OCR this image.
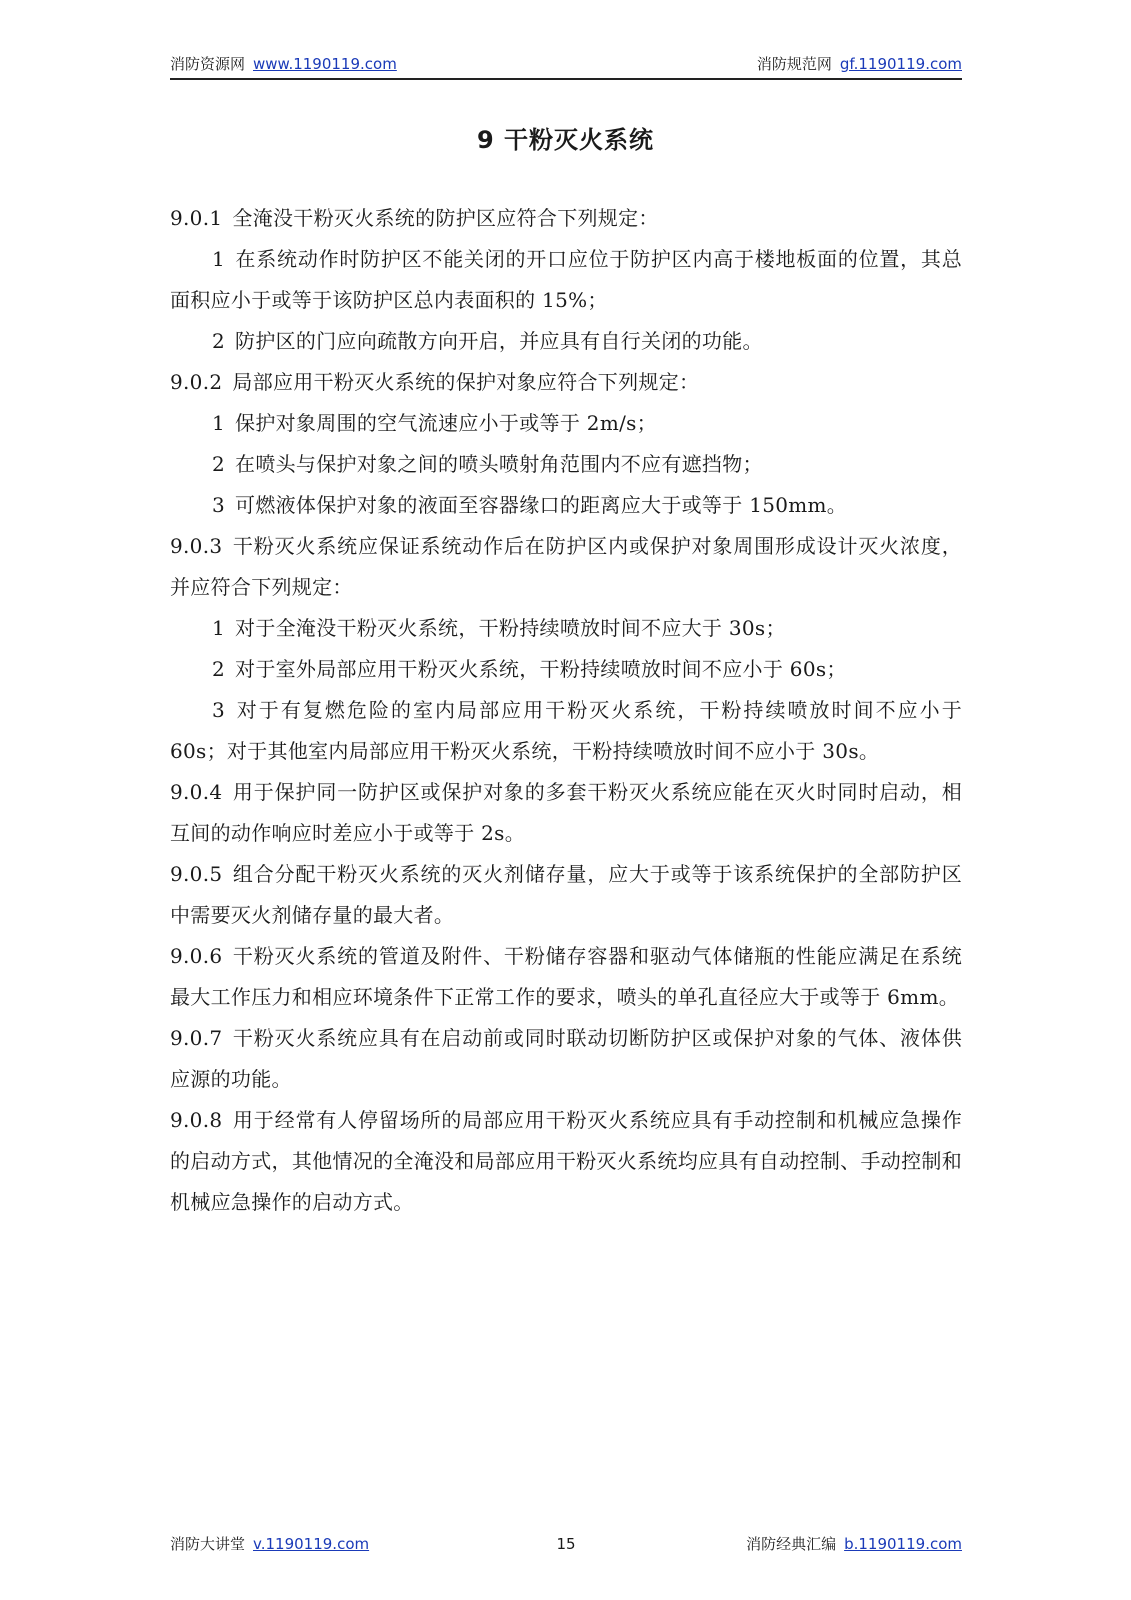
消防资源网 www.1190119.com	消防规范网 gf.1190119.com
9 干粉灭火系统

9.0.1 全淹没干粉灭火系统的防护区应符合下列规定：

1 在系统动作时防护区不能关闭的开口应位于防护区内高于楼地板面的位置，其总面积应小于或等于该防护区总内表面积的 15%；

2 防护区的门应向疏散方向开启，并应具有自行关闭的功能。

9.0.2 局部应用干粉灭火系统的保护对象应符合下列规定：

1 保护对象周围的空气流速应小于或等于 2m/s；

2 在喷头与保护对象之间的喷头喷射角范围内不应有遮挡物；

3 可燃液体保护对象的液面至容器缘口的距离应大于或等于 150mm。

9.0.3 干粉灭火系统应保证系统动作后在防护区内或保护对象周围形成设计灭火浓度，并应符合下列规定：

1 对于全淹没干粉灭火系统，干粉持续喷放时间不应大于 30s；

2 对于室外局部应用干粉灭火系统，干粉持续喷放时间不应小于 60s；

3 对于有复燃危险的室内局部应用干粉灭火系统，干粉持续喷放时间不应小于 60s；对于其他室内局部应用干粉灭火系统，干粉持续喷放时间不应小于 30s。

9.0.4 用于保护同一防护区或保护对象的多套干粉灭火系统应能在灭火时同时启动，相互间的动作响应时差应小于或等于 2s。

9.0.5 组合分配干粉灭火系统的灭火剂储存量，应大于或等于该系统保护的全部防护区中需要灭火剂储存量的最大者。

9.0.6 干粉灭火系统的管道及附件、干粉储存容器和驱动气体储瓶的性能应满足在系统最大工作压力和相应环境条件下正常工作的要求，喷头的单孔直径应大于或等于 6mm。

9.0.7 干粉灭火系统应具有在启动前或同时联动切断防护区或保护对象的气体、液体供应源的功能。

9.0.8 用于经常有人停留场所的局部应用干粉灭火系统应具有手动控制和机械应急操作的启动方式，其他情况的全淹没和局部应用干粉灭火系统均应具有自动控制、手动控制和机械应急操作的启动方式。

消防大讲堂 v.1190119.com	15	消防经典汇编 b.1190119.com
